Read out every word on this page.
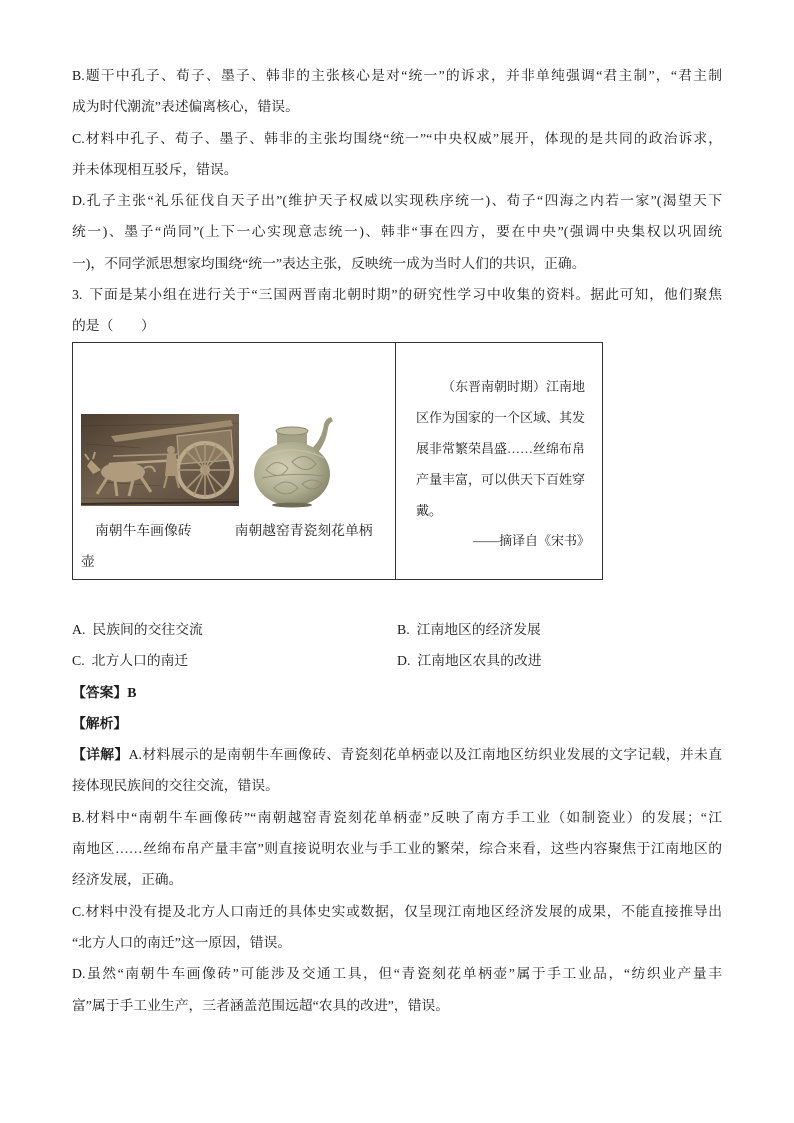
B.题干中孔子、荀子、墨子、韩非的主张核心是对“统一”的诉求，并非单纯强调“君主制”，“君主制
成为时代潮流”表述偏离核心，错误。
C.材料中孔子、荀子、墨子、韩非的主张均围绕“统一”“中央权威”展开，体现的是共同的政治诉求，
并未体现相互驳斥，错误。
D.孔子主张“礼乐征伐自天子出”(维护天子权威以实现秩序统一)、荀子“四海之内若一家”(渴望天下
统一)、墨子“尚同”(上下一心实现意志统一)、韩非“事在四方，要在中央”(强调中央集权以巩固统
一)，不同学派思想家均围绕“统一”表达主张，反映统一成为当时人们的共识，正确。
3. 下面是某小组在进行关于“三国两晋南北朝时期”的研究性学习中收集的资料。据此可知，他们聚焦
的是（　　）
南朝牛车画像砖	南朝越窑青瓷刻花单柄壶
（东晋南朝时期）江南地区作为国家的一个区域、其发展非常繁荣昌盛……丝绵布帛产量丰富，可以供天下百姓穿戴。
——摘译自《宋书》
A. 民族间的交往交流	B. 江南地区的经济发展
C. 北方人口的南迁	D. 江南地区农具的改进
【答案】B
【解析】
【详解】A.材料展示的是南朝牛车画像砖、青瓷刻花单柄壶以及江南地区纺织业发展的文字记载，并未直
接体现民族间的交往交流，错误。
B.材料中“南朝牛车画像砖”“南朝越窑青瓷刻花单柄壶”反映了南方手工业（如制瓷业）的发展；“江
南地区……丝绵布帛产量丰富”则直接说明农业与手工业的繁荣，综合来看，这些内容聚焦于江南地区的
经济发展，正确。
C.材料中没有提及北方人口南迁的具体史实或数据，仅呈现江南地区经济发展的成果，不能直接推导出
“北方人口的南迁”这一原因，错误。
D.虽然“南朝牛车画像砖”可能涉及交通工具，但“青瓷刻花单柄壶”属于手工业品，“纺织业产量丰
富”属于手工业生产，三者涵盖范围远超“农具的改进”，错误。
